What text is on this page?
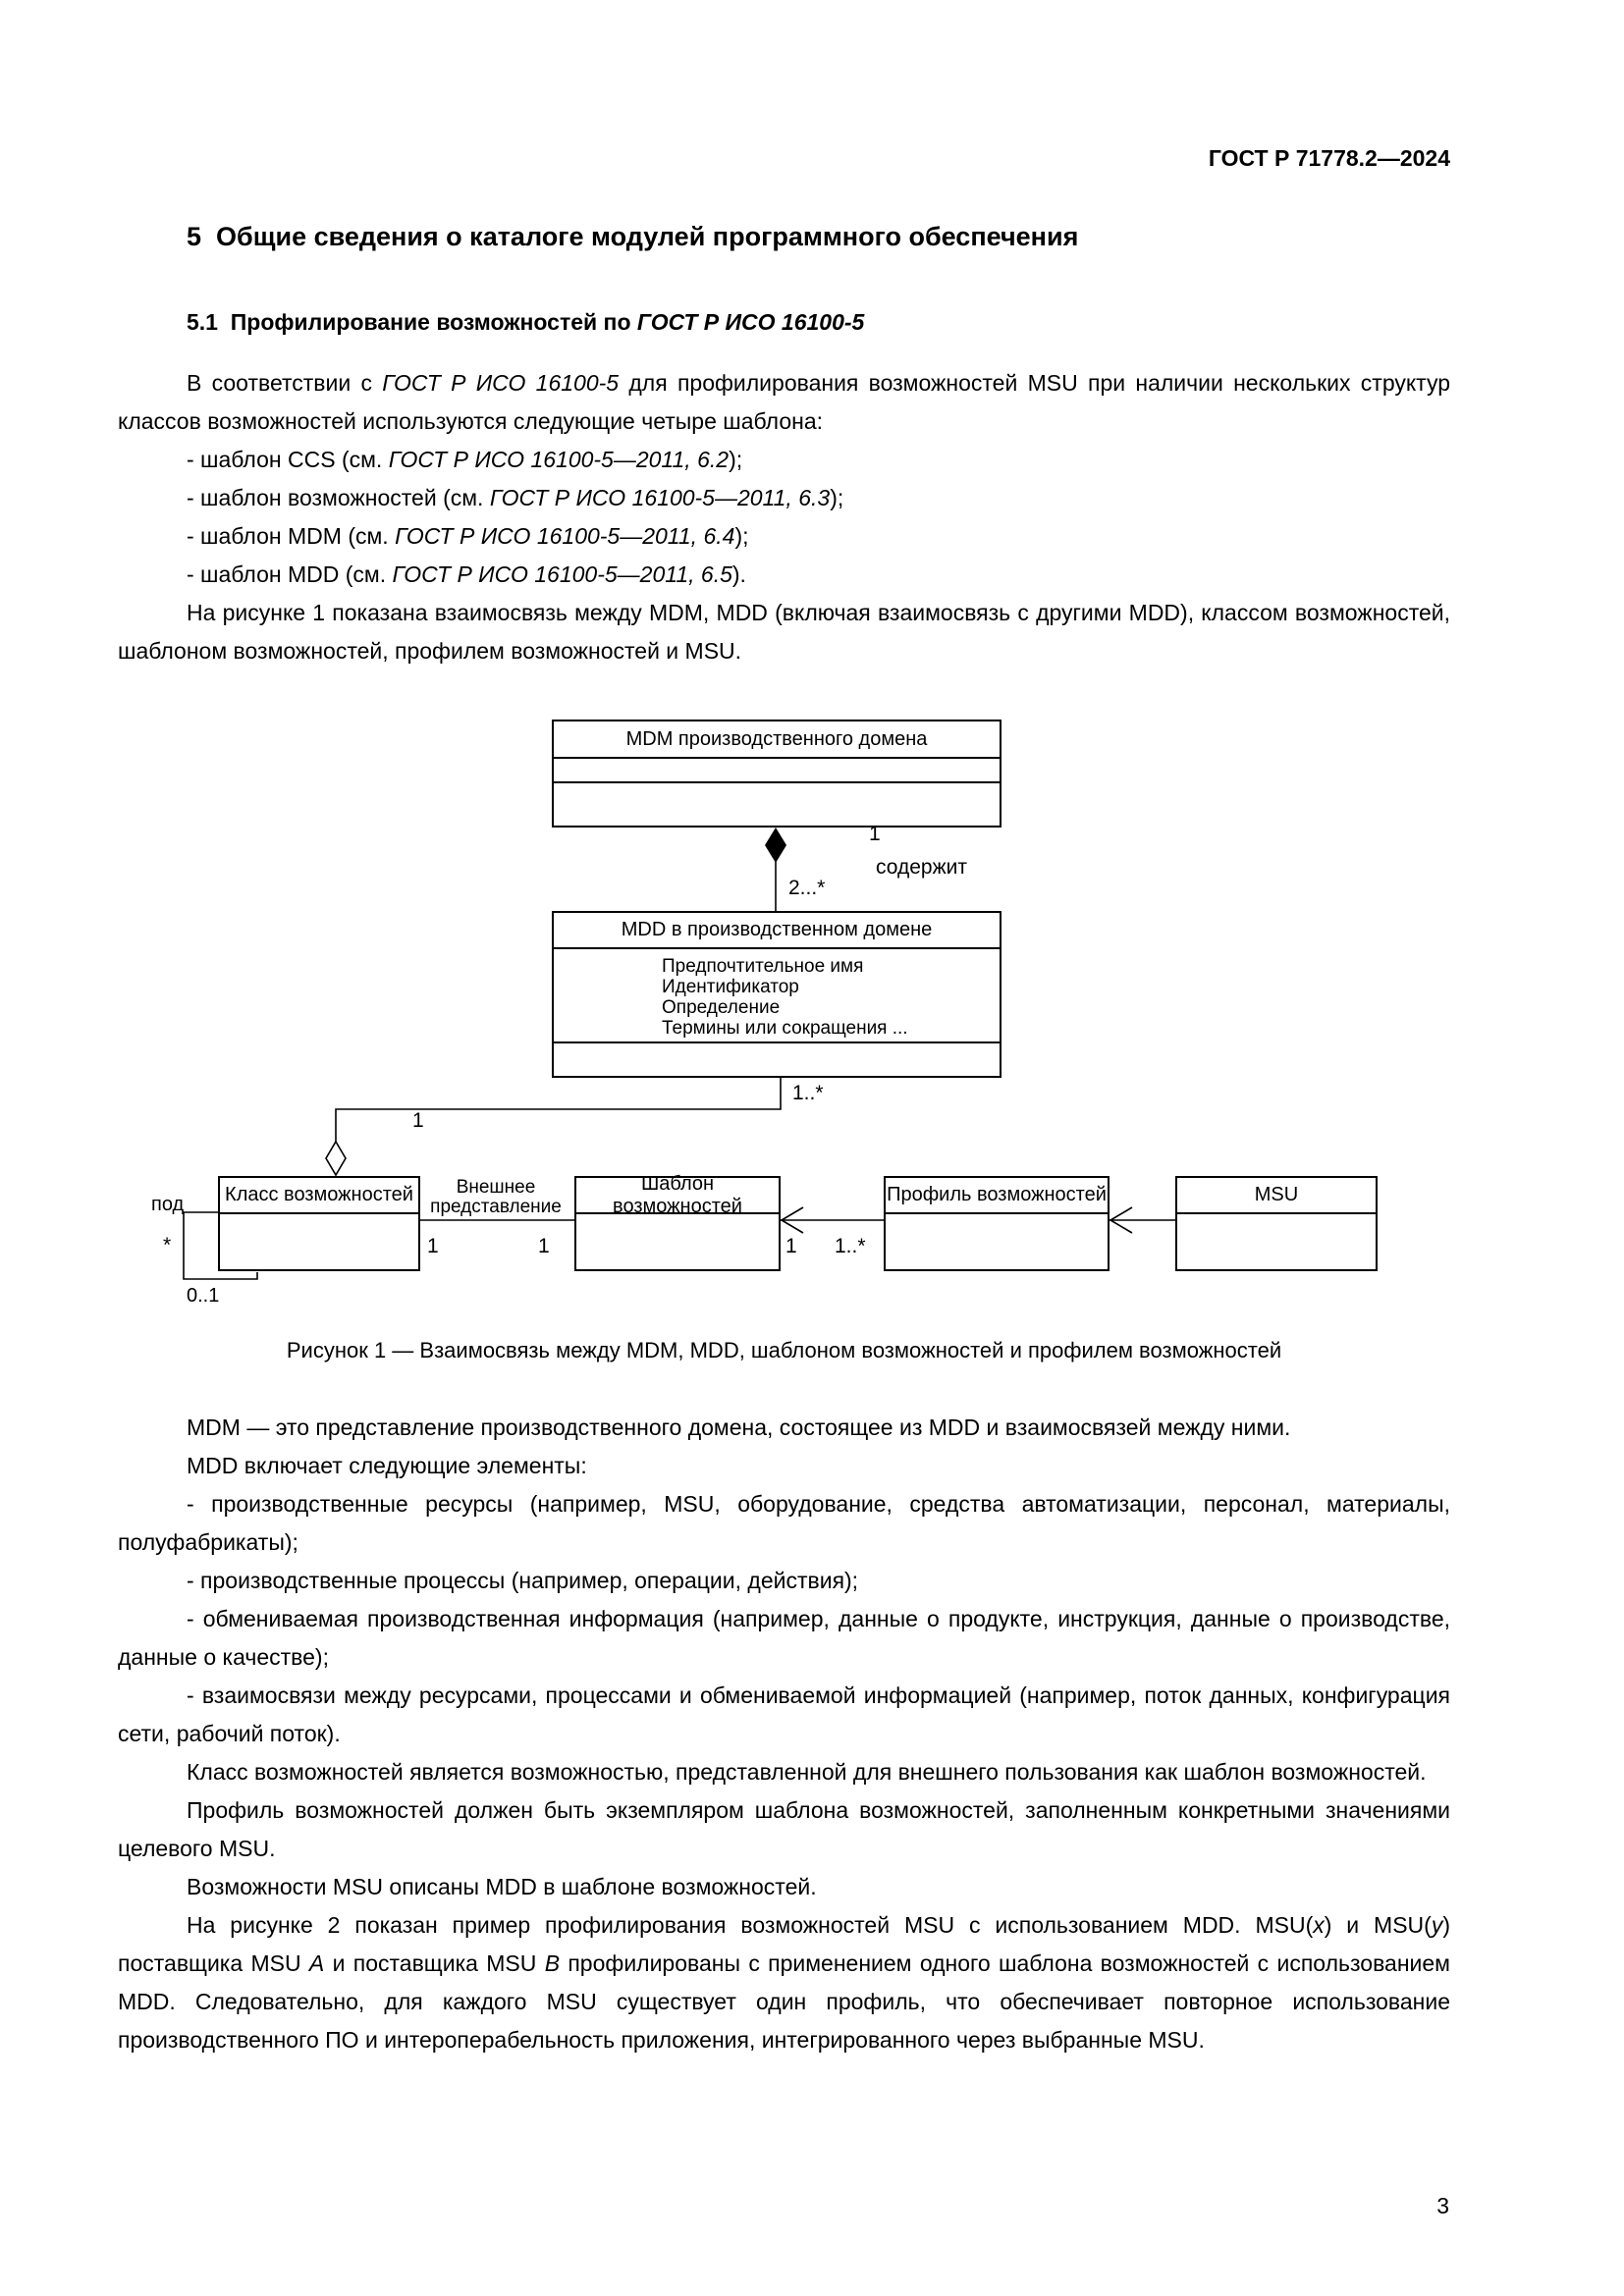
ГОСТ Р 71778.2—2024
5  Общие сведения о каталоге модулей программного обеспечения
5.1  Профилирование возможностей по ГОСТ Р ИСО 16100-5

В соответствии с ГОСТ Р ИСО 16100-5 для профилирования возможностей MSU при наличии нескольких структур классов возможностей используются следующие четыре шаблона:

- шаблон CCS (см. ГОСТ Р ИСО 16100-5—2011, 6.2);

- шаблон возможностей (см. ГОСТ Р ИСО 16100-5—2011, 6.3);

- шаблон MDM (см. ГОСТ Р ИСО 16100-5—2011, 6.4);

- шаблон MDD (см. ГОСТ Р ИСО 16100-5—2011, 6.5).

На рисунке 1 показана взаимосвязь между MDM, MDD (включая взаимосвязь с другими MDD), классом возможностей, шаблоном возможностей, профилем возможностей и MSU.

MDM производственного домена
MDD в производственном домене
Предпочтительное имя
Идентификатор
Определение
Термины или сокращения ...
Класс возможностей
Шаблон возможностей
Профиль возможностей	MSU
1
содержит
2...*
1..*
1
Внешнее представление
под
*
0..1
1	1	1 1..*
Рисунок 1 — Взаимосвязь между MDM, MDD, шаблоном возможностей и профилем возможностей

MDM — это представление производственного домена, состоящее из MDD и взаимосвязей между ними.

MDD включает следующие элементы:

- производственные ресурсы (например, MSU, оборудование, средства автоматизации, персонал, материалы, полуфабрикаты);

- производственные процессы (например, операции, действия);

- обмениваемая производственная информация (например, данные о продукте, инструкция, данные о производстве, данные о качестве);

- взаимосвязи между ресурсами, процессами и обмениваемой информацией (например, поток данных, конфигурация сети, рабочий поток).

Класс возможностей является возможностью, представленной для внешнего пользования как шаблон возможностей.

Профиль возможностей должен быть экземпляром шаблона возможностей, заполненным конкретными значениями целевого MSU.

Возможности MSU описаны MDD в шаблоне возможностей.

На рисунке 2 показан пример профилирования возможностей MSU с использованием MDD. MSU(x) и MSU(y) поставщика MSU A и поставщика MSU B профилированы с применением одного шаблона возможностей с использованием MDD. Следовательно, для каждого MSU существует один профиль, что обеспечивает повторное использование производственного ПО и интероперабельность приложения, интегрированного через выбранные MSU.

3
